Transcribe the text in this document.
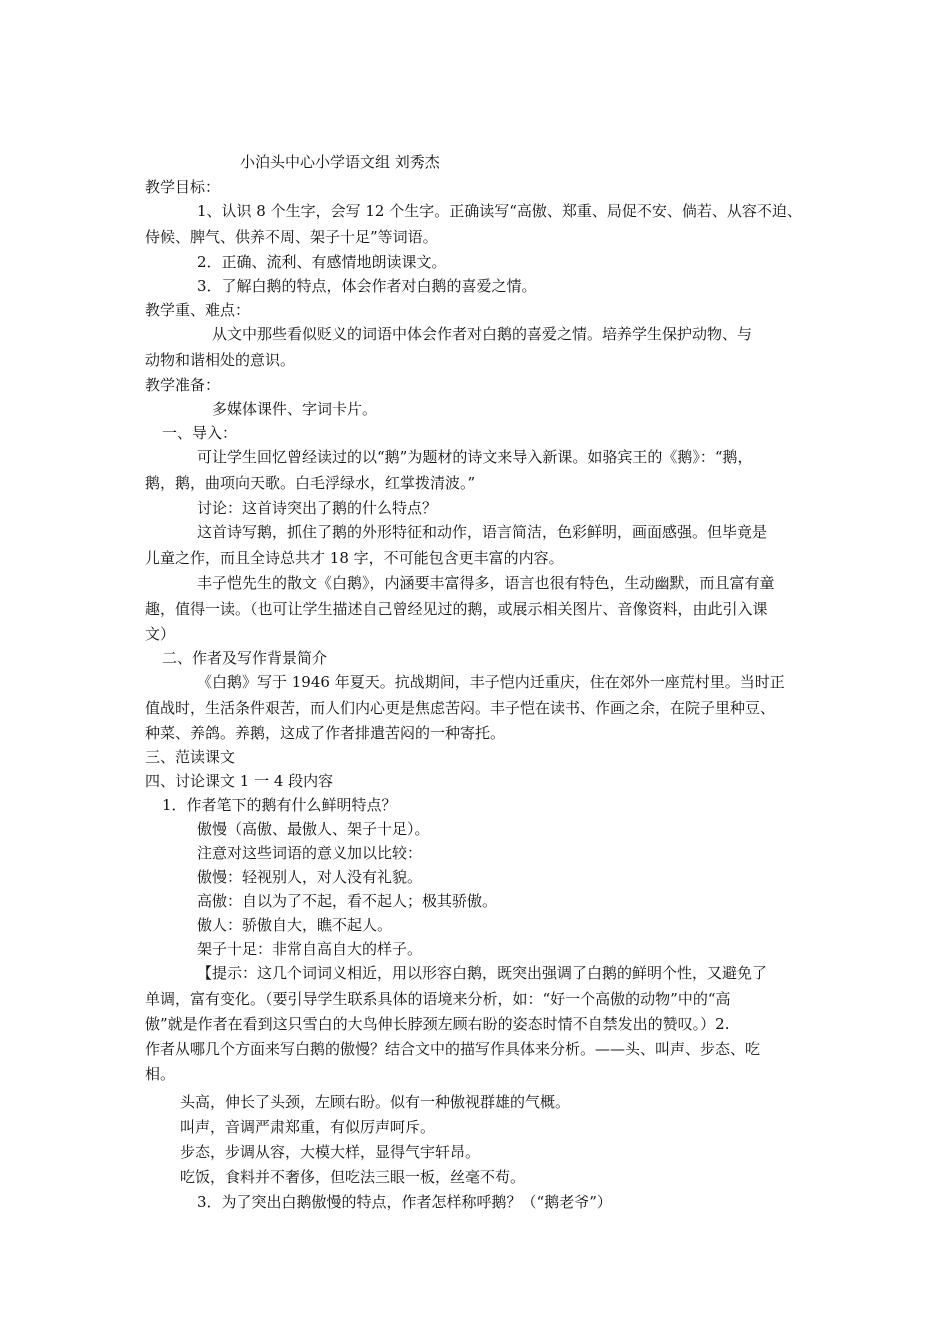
小泊头中心小学语文组 刘秀杰

教学目标：

1、认识 8 个生字，会写 12 个生字。正确读写“高傲、郑重、局促不安、倘若、从容不迫、

侍候、脾气、供养不周、架子十足”等词语。

2．正确、流利、有感情地朗读课文。

3．了解白鹅的特点，体会作者对白鹅的喜爱之情。

教学重、难点：

从文中那些看似贬义的词语中体会作者对白鹅的喜爱之情。培养学生保护动物、与

动物和谐相处的意识。

教学准备：

多媒体课件、字词卡片。

一、导入：

可让学生回忆曾经读过的以“鹅”为题材的诗文来导入新课。如骆宾王的《鹅》：“鹅，

鹅，鹅，曲项向天歌。白毛浮绿水，红掌拨清波。”

讨论：这首诗突出了鹅的什么特点？

这首诗写鹅，抓住了鹅的外形特征和动作，语言简洁，色彩鲜明，画面感强。但毕竟是

儿童之作，而且全诗总共才 18 字，不可能包含更丰富的内容。

丰子恺先生的散文《白鹅》，内涵要丰富得多，语言也很有特色，生动幽默，而且富有童

趣，值得一读。（也可让学生描述自己曾经见过的鹅，或展示相关图片、音像资料，由此引入课

文）

二、作者及写作背景简介

《白鹅》写于 1946 年夏天。抗战期间，丰子恺内迁重庆，住在郊外一座荒村里。当时正

值战时，生活条件艰苦，而人们内心更是焦虑苦闷。丰子恺在读书、作画之余，在院子里种豆、

种菜、养鸽。养鹅，这成了作者排遣苦闷的一种寄托。

三、范读课文

四、讨论课文 1 一 4 段内容

1．作者笔下的鹅有什么鲜明特点？

傲慢（高傲、最傲人、架子十足）。

注意对这些词语的意义加以比较：

傲慢：轻视别人，对人没有礼貌。

高傲：自以为了不起，看不起人；极其骄傲。

傲人：骄傲自大，瞧不起人。

架子十足：非常自高自大的样子。

【提示：这几个词词义相近，用以形容白鹅，既突出强调了白鹅的鲜明个性，又避免了

单调，富有变化。（要引导学生联系具体的语境来分析，如：“好一个高傲的动物”中的“高

傲”就是作者在看到这只雪白的大鸟伸长脖颈左顾右盼的姿态时情不自禁发出的赞叹。）2.

作者从哪几个方面来写白鹅的傲慢？结合文中的描写作具体来分析。——头、叫声、步态、吃

相。

头高，伸长了头颈，左顾右盼。似有一种傲视群雄的气概。

叫声，音调严肃郑重，有似厉声呵斥。

步态，步调从容，大模大样，显得气宇轩昂。

吃饭，食料并不奢侈，但吃法三眼一板，丝毫不苟。

3．为了突出白鹅傲慢的特点，作者怎样称呼鹅？（“鹅老爷”）
